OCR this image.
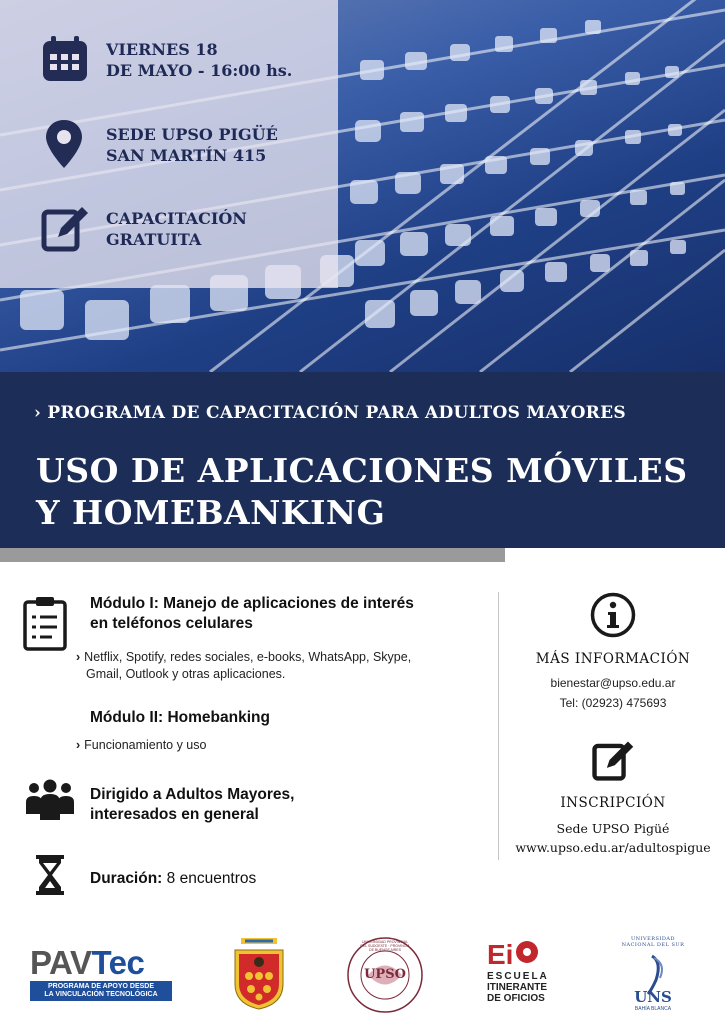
VIERNES 18
DE MAYO - 16:00 hs.
SEDE UPSO PIGÜÉ
SAN MARTÍN 415
CAPACITACIÓN
GRATUITA
› PROGRAMA DE CAPACITACIÓN PARA ADULTOS MAYORES
USO DE APLICACIONES MÓVILES
Y HOMEBANKING
Módulo I: Manejo de aplicaciones de interés
en teléfonos celulares
› Netflix, Spotify, redes sociales, e-books, WhatsApp, Skype,
Gmail, Outlook y otras aplicaciones.
Módulo II: Homebanking
› Funcionamiento y uso
Dirigido a Adultos Mayores,
interesados en general
Duración: 8 encuentros
MÁS INFORMACIÓN
bienestar@upso.edu.ar
Tel: (02923) 475693
INSCRIPCIÓN
Sede UPSO Pigüé
www.upso.edu.ar/adultospigue
PAVTec
PROGRAMA DE APOYO DESDE
LA VINCULACIÓN TECNOLÓGICA
UNIVERSIDAD PROVINCIAL DEL SUDOESTE · PROVINCIA DE BUENOS AIRES
UPSO
Ei
ESCUELA
ITINERANTE
DE OFICIOS
UNIVERSIDAD NACIONAL DEL SUR
UNS
BAHÍA BLANCA
